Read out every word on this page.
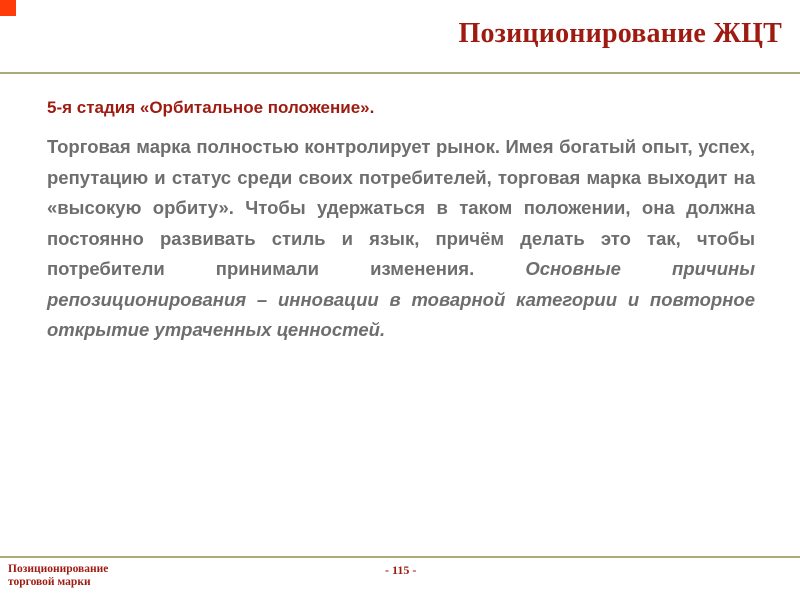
Позиционирование ЖЦТ

5-я стадия «Орбитальное положение».

Торговая марка полностью контролирует рынок. Имея богатый опыт, успех, репутацию и статус среди своих потребителей, торговая марка выходит на «высокую орбиту». Чтобы удержаться в таком положении, она должна постоянно развивать стиль и язык, причём делать это так, чтобы потребители принимали изменения. Основные причины репозиционирования – инновации в товарной категории и повторное открытие утраченных ценностей.

Позиционирование
торговой марки
- 115 -
